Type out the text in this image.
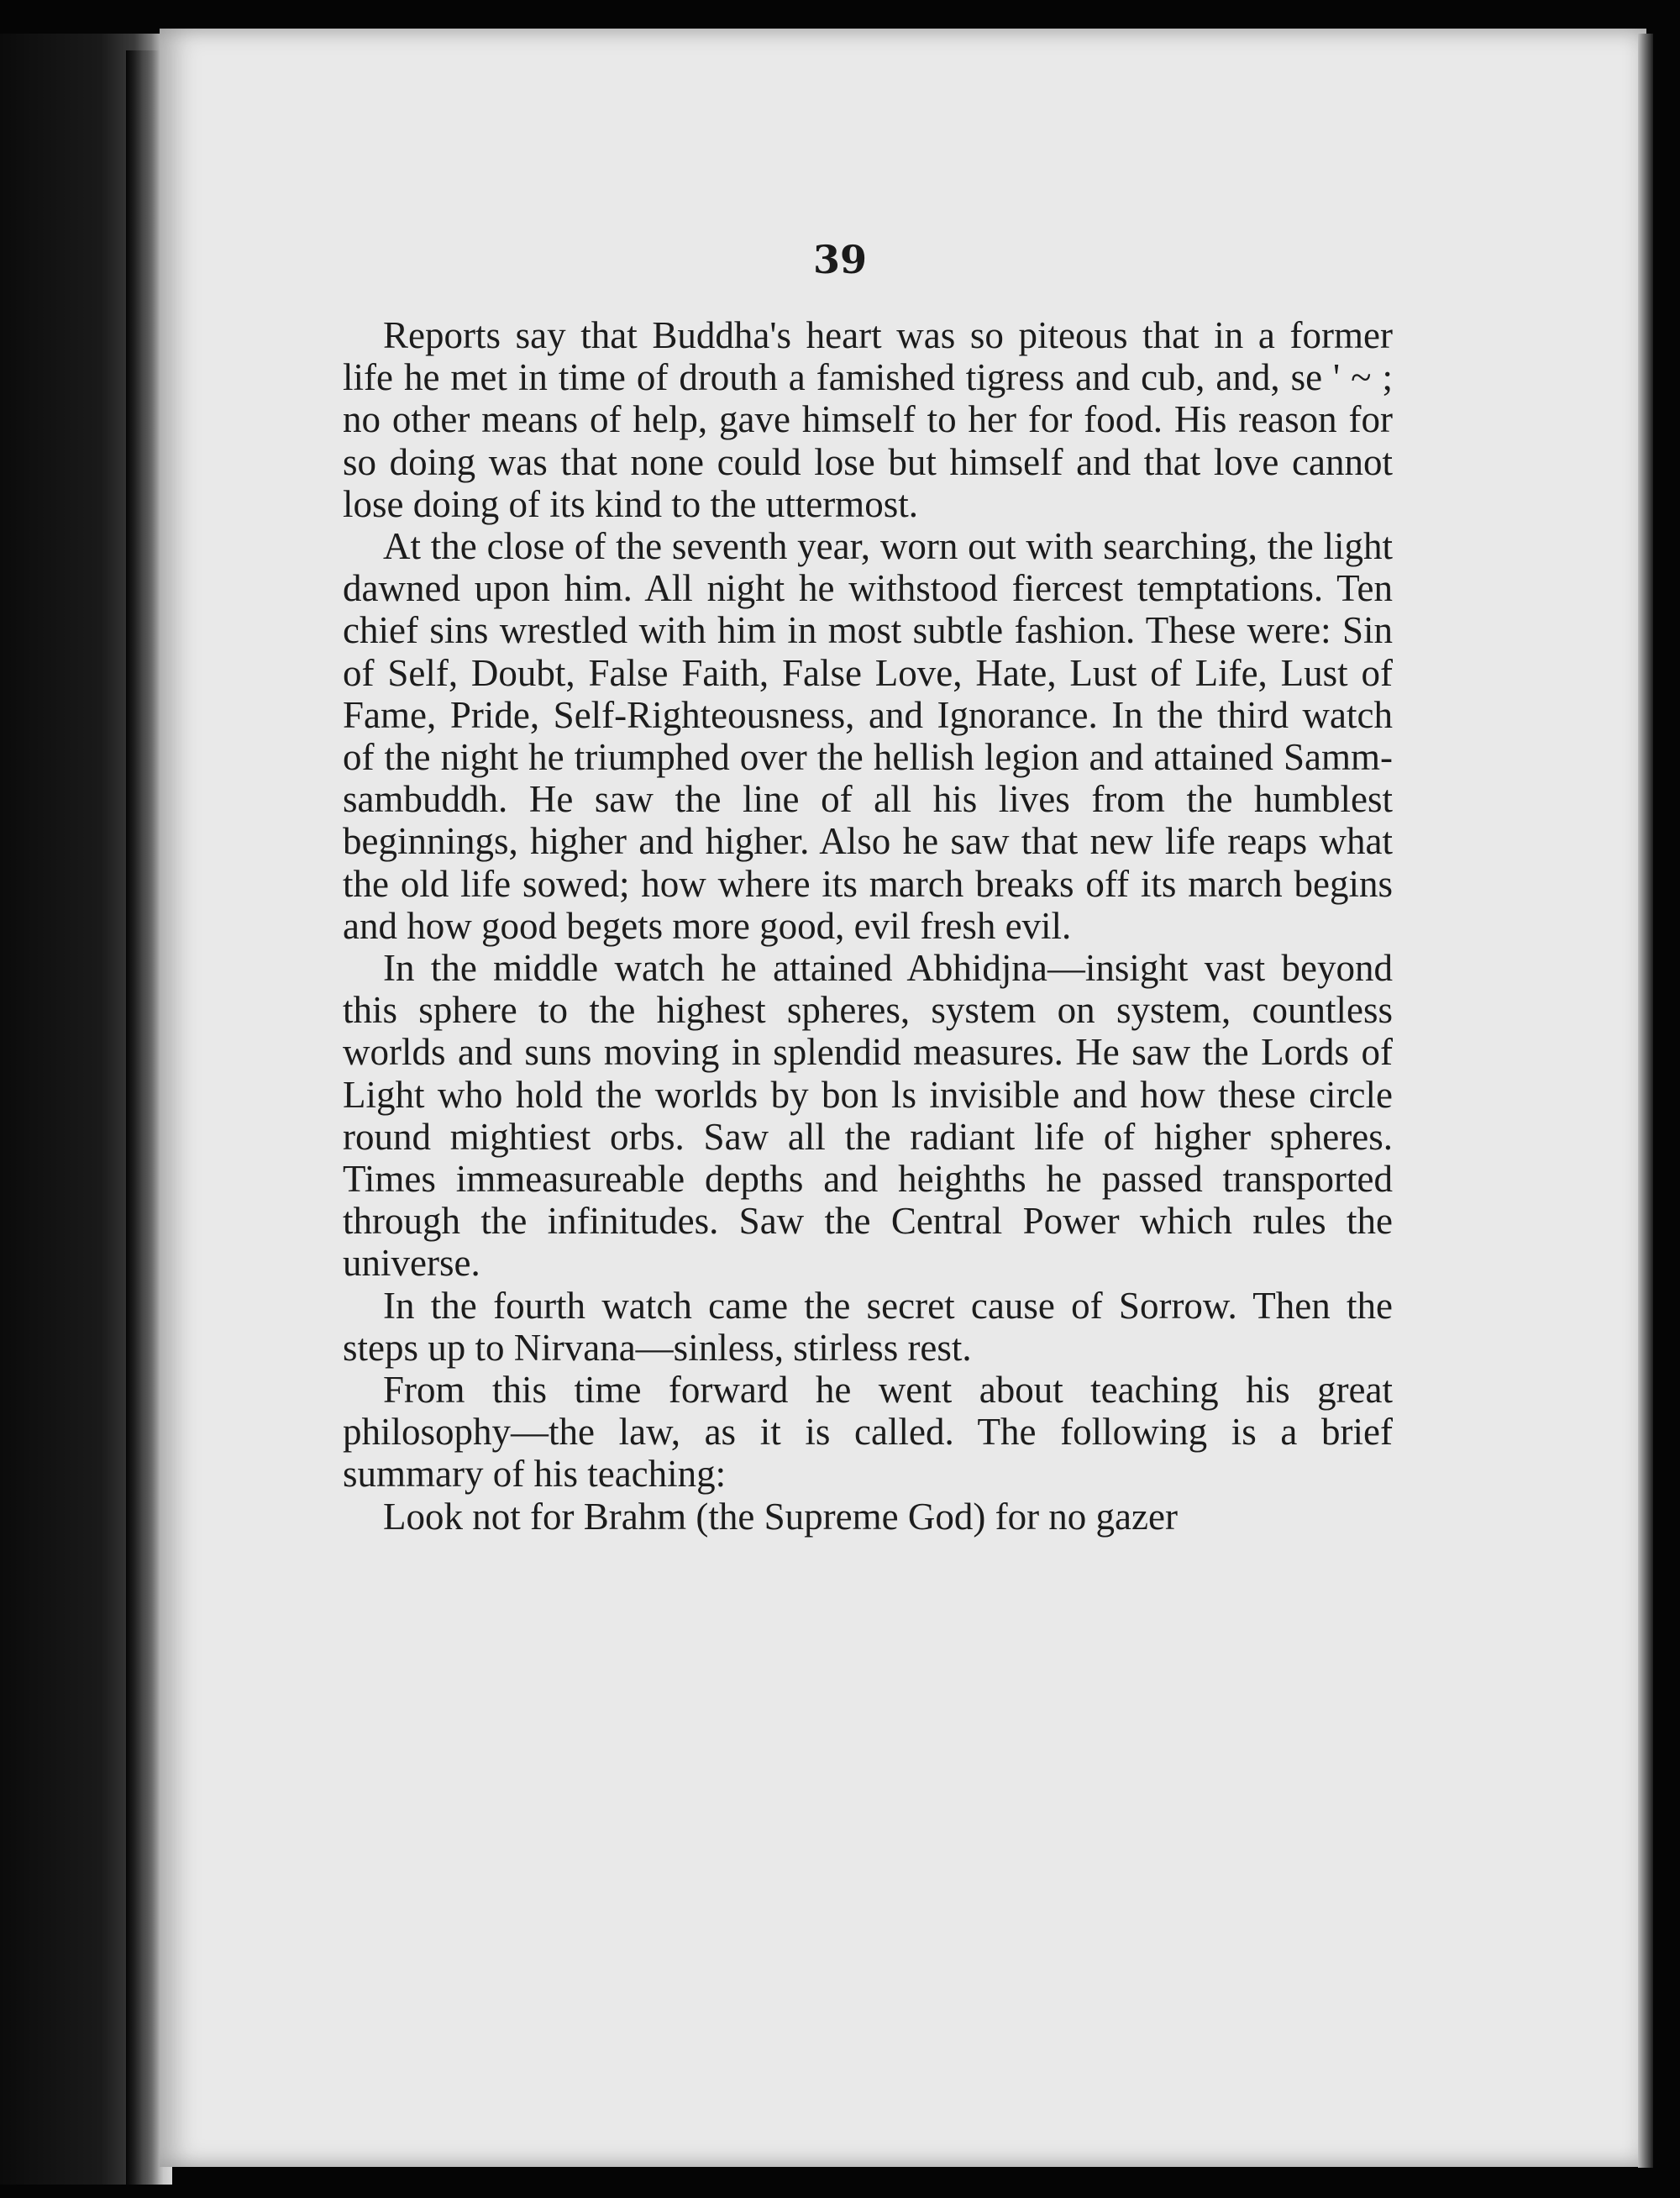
39

Reports say that Buddha's heart was so piteous that in a former life he met in time of drouth a famished tigress and cub, and, se ' ~ ; no other means of help, gave himself to her for food. His reason for so doing was that none could lose but himself and that love cannot lose doing of its kind to the uttermost.

At the close of the seventh year, worn out with searching, the light dawned upon him. All night he withstood fiercest temptations. Ten chief sins wrestled with him in most subtle fashion. These were: Sin of Self, Doubt, False Faith, False Love, Hate, Lust of Life, Lust of Fame, Pride, Self-Righteousness, and Ignorance. In the third watch of the night he triumphed over the hellish legion and attained Samm-sambuddh. He saw the line of all his lives from the humblest beginnings, higher and higher. Also he saw that new life reaps what the old life sowed; how where its march breaks off its march begins and how good begets more good, evil fresh evil.

In the middle watch he attained Abhidjna—insight vast beyond this sphere to the highest spheres, system on system, countless worlds and suns moving in splendid measures. He saw the Lords of Light who hold the worlds by bon ls invisible and how these circle round mightiest orbs. Saw all the radiant life of higher spheres. Times immeasureable depths and heighths he passed transported through the infinitudes. Saw the Central Power which rules the universe.

In the fourth watch came the secret cause of Sorrow. Then the steps up to Nirvana—sinless, stirless rest.

From this time forward he went about teaching his great philosophy—the law, as it is called. The following is a brief summary of his teaching:

Look not for Brahm (the Supreme God) for no gazer
